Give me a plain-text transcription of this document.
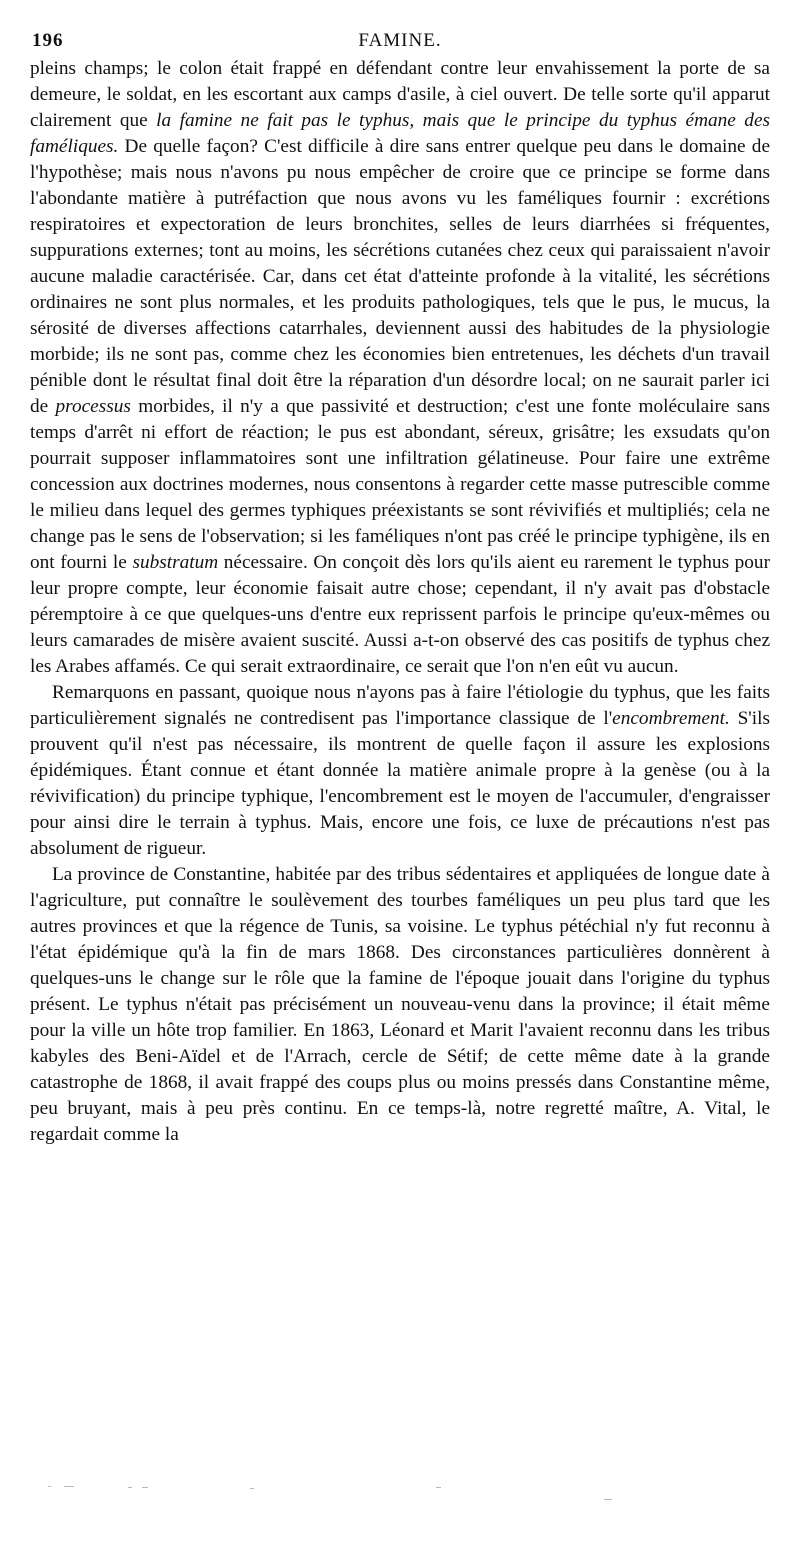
196	FAMINE.

pleins champs; le colon était frappé en défendant contre leur envahissement la porte de sa demeure, le soldat, en les escortant aux camps d'asile, à ciel ouvert. De telle sorte qu'il apparut clairement que la famine ne fait pas le typhus, mais que le principe du typhus émane des faméliques. De quelle façon? C'est difficile à dire sans entrer quelque peu dans le domaine de l'hypothèse; mais nous n'avons pu nous empêcher de croire que ce principe se forme dans l'abondante matière à putréfaction que nous avons vu les faméliques fournir : excrétions respiratoires et expectoration de leurs bronchites, selles de leurs diarrhées si fréquentes, suppurations externes; tont au moins, les sécrétions cutanées chez ceux qui paraissaient n'avoir aucune maladie caractérisée. Car, dans cet état d'atteinte profonde à la vitalité, les sécrétions ordinaires ne sont plus normales, et les produits pathologiques, tels que le pus, le mucus, la sérosité de diverses affections catarrhales, deviennent aussi des habitudes de la physiologie morbide; ils ne sont pas, comme chez les économies bien entretenues, les déchets d'un travail pénible dont le résultat final doit être la réparation d'un désordre local; on ne saurait parler ici de processus morbides, il n'y a que passivité et destruction; c'est une fonte moléculaire sans temps d'arrêt ni effort de réaction; le pus est abondant, séreux, grisâtre; les exsudats qu'on pourrait supposer inflammatoires sont une infiltration gélatineuse. Pour faire une extrême concession aux doctrines modernes, nous consentons à regarder cette masse putrescible comme le milieu dans lequel des germes typhiques préexistants se sont révivifiés et multipliés; cela ne change pas le sens de l'observation; si les faméliques n'ont pas créé le principe typhigène, ils en ont fourni le substratum nécessaire. On conçoit dès lors qu'ils aient eu rarement le typhus pour leur propre compte, leur économie faisait autre chose; cependant, il n'y avait pas d'obstacle péremptoire à ce que quelques-uns d'entre eux reprissent parfois le principe qu'eux-mêmes ou leurs camarades de misère avaient suscité. Aussi a-t-on observé des cas positifs de typhus chez les Arabes affamés. Ce qui serait extraordinaire, ce serait que l'on n'en eût vu aucun.

Remarquons en passant, quoique nous n'ayons pas à faire l'étiologie du typhus, que les faits particulièrement signalés ne contredisent pas l'importance classique de l'encombrement. S'ils prouvent qu'il n'est pas nécessaire, ils montrent de quelle façon il assure les explosions épidémiques. Étant connue et étant donnée la matière animale propre à la genèse (ou à la révivification) du principe typhique, l'encombrement est le moyen de l'accumuler, d'engraisser pour ainsi dire le terrain à typhus. Mais, encore une fois, ce luxe de précautions n'est pas absolument de rigueur.

La province de Constantine, habitée par des tribus sédentaires et appliquées de longue date à l'agriculture, put connaître le soulèvement des tourbes faméliques un peu plus tard que les autres provinces et que la régence de Tunis, sa voisine. Le typhus pétéchial n'y fut reconnu à l'état épidémique qu'à la fin de mars 1868. Des circonstances particulières donnèrent à quelques-uns le change sur le rôle que la famine de l'époque jouait dans l'origine du typhus présent. Le typhus n'était pas précisément un nouveau-venu dans la province; il était même pour la ville un hôte trop familier. En 1863, Léonard et Marit l'avaient reconnu dans les tribus kabyles des Beni-Aïdel et de l'Arrach, cercle de Sétif; de cette même date à la grande catastrophe de 1868, il avait frappé des coups plus ou moins pressés dans Constantine même, peu bruyant, mais à peu près continu. En ce temps-là, notre regretté maître, A. Vital, le regardait comme la
